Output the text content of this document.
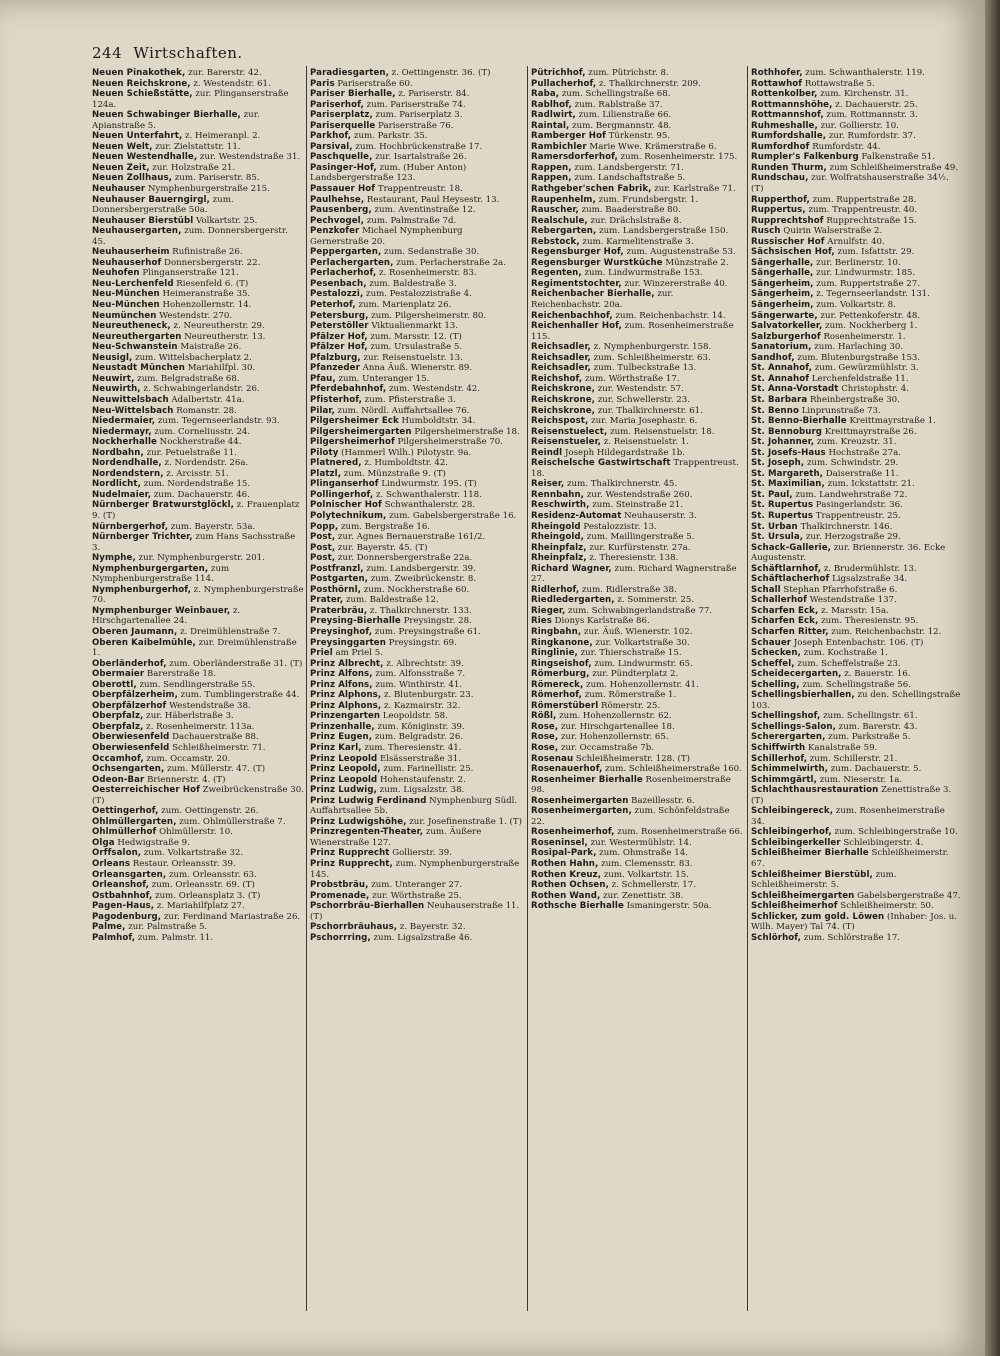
244 Wirtschaften.
Neuen Pinakothek, zur. Barerstr. 42.
Neuen Reichskrone, z. Westendstr. 61.
Neuen Schießstätte, zur. Plinganserstraße 124a.
Neuen Schwabinger Bierhalle, zur. Apianstraße 5.
Neuen Unterfahrt, z. Heimeranpl. 2.
Neuen Welt, zur. Zielstattstr. 11.
Neuen Westendhalle, zur. Westendstraße 31.
Neuen Zeit, zur. Holzstraße 21.
Neuen Zollhaus, zum. Pariserstr. 85.
Neuhauser Nymphenburgerstraße 215.
Neuhauser Bauerngirgl, zum. Donnersbergerstraße 50a.
Neuhauser Bierstübl Volkartstr. 25.
Neuhausergarten, zum. Donnersbergerstr. 45.
Neuhauserheim Rufinistraße 26.
Neuhauserhof Donnersbergerstr. 22.
Neuhofen Plinganserstraße 121.
Neu-Lerchenfeld Riesenfeld 6. (T)
Neu-München Heimeranstraße 35.
Neu-München Hohenzollernstr. 14.
Neumünchen Westendstr. 270.
Neureutheneck, z. Neureutherstr. 29.
Neureuthergarten Neureutherstr. 13.
Neu-Schwanstein Maistraße 26.
Neusigl, zum. Wittelsbacherplatz 2.
Neustadt München Mariahilfpl. 30.
Neuwirt, zum. Belgradstraße 68.
Neuwirth, z. Schwabingerlandstr. 26.
Neuwittelsbach Adalbertstr. 41a.
Neu-Wittelsbach Romanstr. 28.
Niedermaier, zum. Tegernseerlandstr. 93.
Niedermayr, zum. Corneliusstr. 24.
Nockherhalle Nockherstraße 44.
Nordbahn, zur. Petuelstraße 11.
Nordendhalle, z. Nordendstr. 26a.
Nordendstern, z. Arcisstr. 51.
Nordlicht, zum. Nordendstraße 15.
Nudelmaier, zum. Dachauerstr. 46.
Nürnberger Bratwurstglöckl, z. Frauenplatz 9. (T)
Nürnbergerhof, zum. Bayerstr. 53a.
Nürnberger Trichter, zum Hans Sachsstraße 3.
Nymphe, zur. Nymphenburgerstr. 201.
Nymphenburgergarten, zum Nymphenburgerstraße 114.
Nymphenburgerhof, z. Nymphenburgerstraße 70.
Nymphenburger Weinbauer, z. Hirschgartenallee 24.
Oberen Jaumann, z. Dreimühlenstraße 7.
Oberen Kaibelmühle, zur. Dreimühlenstraße 1.
Oberländerhof, zum. Oberländerstraße 31. (T)
Obermaier Barerstraße 18.
Oberottl, zum. Sendlingerstraße 55.
Oberpfälzerheim, zum. Tumblingerstraße 44.
Oberpfälzerhof Westendstraße 38.
Oberpfalz, zur. Häberlstraße 3.
Oberpfalz, z. Rosenheimerstr. 113a.
Oberwiesenfeld Dachauerstraße 88.
Oberwiesenfeld Schleißheimerstr. 71.
Occamhof, zum. Occamstr. 20.
Ochsengarten, zum. Müllerstr. 47. (T)
Odeon-Bar Briennerstr. 4. (T)
Oesterreichischer Hof Zweibrückenstraße 30. (T)
Oettingerhof, zum. Oettingenstr. 26.
Ohlmüllergarten, zum. Ohlmüllerstraße 7.
Ohlmüllerhof Ohlmüllerstr. 10.
Olga Hedwigstraße 9.
Orffsalon, zum. Volkartstraße 32.
Orleans Restaur. Orleansstr. 39.
Orleansgarten, zum. Orleansstr. 63.
Orleanshof, zum. Orleansstr. 69. (T)
Ostbahnhof, zum. Orleansplatz 3. (T)
Pagen-Haus, z. Mariahilfplatz 27.
Pagodenburg, zur. Ferdinand Mariastraße 26.
Palme, zur. Palmstraße 5.
Palmhof, zum. Palmstr. 11.
Paradiesgarten, z. Oettingenstr. 36. (T)
Paris Pariserstraße 60.
Pariser Bierhalle, z. Pariserstr. 84.
Pariserhof, zum. Pariserstraße 74.
Pariserplatz, zum. Pariserplatz 3.
Pariserquelle Pariserstraße 76.
Parkhof, zum. Parkstr. 35.
Parsival, zum. Hochbrückenstraße 17.
Paschquelle, zur. Isartalstraße 26.
Pasinger-Hof, zum. (Huber Anton) Landsbergerstraße 123.
Passauer Hof Trappentreustr. 18.
Paulhehse, Restaurant, Paul Heysestr. 13.
Pausenberg, zum. Aventinstraße 12.
Pechvogel, zum. Palmstraße 7d.
Penzkofer Michael Nymphenburg Gernerstraße 20.
Peppergarten, zum. Sedanstraße 30.
Perlachergarten, zum. Perlacherstraße 2a.
Perlacherhof, z. Rosenheimerstr. 83.
Pesenbach, zum. Baldestraße 3.
Pestalozzi, zum. Pestalozzistraße 4.
Peterhof, zum. Marienplatz 26.
Petersburg, zum. Pilgersheimerstr. 80.
Peterstöller Viktualienmarkt 13.
Pfälzer Hof, zum. Marsstr. 12. (T)
Pfälzer Hof, zum. Ursulastraße 5.
Pfalzburg, zur. Reisenstuelstr. 13.
Pfanzeder Anna Äuß. Wienerstr. 89.
Pfau, zum. Unteranger 15.
Pferdebahnhof, zum. Westendstr. 42.
Pfisterhof, zum. Pfisterstraße 3.
Pilar, zum. Nördl. Auffahrtsallee 76.
Pilgersheimer Eck Humboldtstr. 34.
Pilgersheimergarten Pilgersheimerstraße 18.
Pilgersheimerhof Pilgersheimerstraße 70.
Piloty (Hammerl Wilh.) Pilotystr. 9a.
Platnered, z. Humboldtstr. 42.
Platzl, zum. Münzstraße 9. (T)
Plinganserhof Lindwurmstr. 195. (T)
Pollingerhof, z. Schwanthalerstr. 118.
Polnischer Hof Schwanthalerstr. 28.
Polytechnikum, zum. Gabelsbergerstraße 16.
Popp, zum. Bergstraße 16.
Post, zur. Agnes Bernauerstraße 161/2.
Post, zur. Bayerstr. 45. (T)
Post, zur. Donnersbergerstraße 22a.
Postfranzl, zum. Landsbergerstr. 39.
Postgarten, zum. Zweibrückenstr. 8.
Posthörnl, zum. Nockherstraße 60.
Prater, zum. Baldestraße 12.
Praterbräu, z. Thalkirchnerstr. 133.
Preysing-Bierhalle Preysingstr. 28.
Preysinghof, zum. Preysingstraße 61.
Preysinggarten Preysingstr. 69.
Priel am Priel 5.
Prinz Albrecht, z. Albrechtstr. 39.
Prinz Alfons, zum. Alfonsstraße 7.
Prinz Alfons, zum. Winthirstr. 41.
Prinz Alphons, z. Blutenburgstr. 23.
Prinz Alphons, z. Kazmairstr. 32.
Prinzengarten Leopoldstr. 58.
Prinzenhalle, zum. Königinstr. 39.
Prinz Eugen, zum. Belgradstr. 26.
Prinz Karl, zum. Theresienstr. 41.
Prinz Leopold Elsässerstraße 31.
Prinz Leopold, zum. Farinellistr. 25.
Prinz Leopold Hohenstaufenstr. 2.
Prinz Ludwig, zum. Ligsalzstr. 38.
Prinz Ludwig Ferdinand Nymphenburg Südl. Auffahrtsallee 5b.
Prinz Ludwigshöhe, zur. Josefinenstraße 1. (T)
Prinzregenten-Theater, zum. Äußere Wienerstraße 127.
Prinz Rupprecht Gollierstr. 39.
Prinz Rupprecht, zum. Nymphenburgerstraße 145.
Probstbräu, zum. Unteranger 27.
Promenade, zur. Wörthstraße 25.
Pschorrbräu-Bierhallen Neuhauserstraße 11. (T)
Pschorrbräuhaus, z. Bayerstr. 32.
Pschorrring, zum. Ligsalzstraße 46.
Pütrichhof, zum. Pütrichstr. 8.
Pullacherhof, z. Thalkirchnerstr. 209.
Raba, zum. Schellingstraße 68.
Rablhof, zum. Rablstraße 37.
Radlwirt, zum. Lilienstraße 66.
Raintal, zum. Bergmannstr. 48.
Ramberger Hof Türkenstr. 95.
Rambichler Marie Wwe. Krämerstraße 6.
Ramersdorferhof, zum. Rosenheimerstr. 175.
Rappen, zum. Landsbergerstr. 71.
Rappen, zum. Landschaftstraße 5.
Rathgeber'schen Fabrik, zur. Karlstraße 71.
Raupenhelm, zum. Frundsbergstr. 1.
Rauscher, zum. Baaderstraße 80.
Realschule, zur. Drächslstraße 8.
Rebergarten, zum. Landsbergerstraße 150.
Rebstock, zum. Karmelitenstraße 3.
Regensburger Hof, zum. Augustenstraße 53.
Regensburger Wurstküche Münzstraße 2.
Regenten, zum. Lindwurmstraße 153.
Regimentstochter, zur. Winzererstraße 40.
Reichenbacher Bierhalle, zur. Reichenbachstr. 20a.
Reichenbachhof, zum. Reichenbachstr. 14.
Reichenhaller Hof, zum. Rosenheimerstraße 115.
Reichsadler, z. Nymphenburgerstr. 158.
Reichsadler, zum. Schleißheimerstr. 63.
Reichsadler, zum. Tulbeckstraße 13.
Reichshof, zum. Wörthstraße 17.
Reichskrone, zur. Westendstr. 57.
Reichskrone, zur. Schwellerstr. 23.
Reichskrone, zur. Thalkirchnerstr. 61.
Reichspost, zur. Maria Josephastr. 6.
Reisenstuelect, zum. Reisenstuelstr. 18.
Reisenstueler, z. Reisenstuelstr. 1.
Reindl Joseph Hildegardstraße 1b.
Reischelsche Gastwirtschaft Trappentreust. 18.
Reiser, zum. Thalkirchnerstr. 45.
Rennbahn, zur. Westendstraße 260.
Reschwirth, zum. Steinstraße 21.
Residenz-Automat Neuhauserstr. 3.
Rheingold Pestalozzistr. 13.
Rheingold, zum. Maillingerstraße 5.
Rheinpfalz, zur. Kurfürstenstr. 27a.
Rheinpfalz, z. Theresienstr. 138.
Richard Wagner, zum. Richard Wagnerstraße 27.
Ridlerhof, zum. Ridlerstraße 38.
Riedledergarten, z. Sommerstr. 25.
Rieger, zum. Schwabingerlandstraße 77.
Ries Dionys Karlstraße 86.
Ringbahn, zur. Äuß. Wienerstr. 102.
Ringkanone, zur. Volkartstraße 30.
Ringlinie, zur. Thierschstraße 15.
Ringseishof, zum. Lindwurmstr. 65.
Römerburg, zur. Pündterplatz 2.
Römereck, zum. Hohenzollernstr. 41.
Römerhof, zum. Römerstraße 1.
Römerstüberl Römerstr. 25.
Rößl, zum. Hohenzollernstr. 62.
Rose, zur. Hirschgartenallee 18.
Rose, zur. Hohenzollernstr. 65.
Rose, zur. Occamstraße 7b.
Rosenau Schleißheimerstr. 128. (T)
Rosenauerhof, zum. Schleißheimerstraße 160.
Rosenheimer Bierhalle Rosenheimerstraße 98.
Rosenheimergarten Bazeillesstr. 6.
Rosenheimergarten, zum. Schönfeldstraße 22.
Rosenheimerhof, zum. Rosenheimerstraße 66.
Roseninsel, zur. Westermühlstr. 14.
Rosipal-Park, zum. Ohmstraße 14.
Rothen Hahn, zum. Clemensstr. 83.
Rothen Kreuz, zum. Volkartstr. 15.
Rothen Ochsen, z. Schmellerstr. 17.
Rothen Wand, zur. Zenettistr. 38.
Rothsche Bierhalle Ismaningerstr. 50a.
Rothhofer, zum. Schwanthalerstr. 119.
Rottawhof Rottawstraße 5.
Rottenkolber, zum. Kirchenstr. 31.
Rottmannshöhe, z. Dachauerstr. 25.
Rottmannshof, zum. Rottmannstr. 3.
Ruhmeshalle, zur. Gollierstr. 10.
Rumfordshalle, zur. Rumfordstr. 37.
Rumfordhof Rumfordstr. 44.
Rumpler's Falkenburg Falkenstraße 51.
Runden Thurm, zum Schleißheimerstraße 49.
Rundschau, zur. Wolfratshauserstraße 34½. (T)
Rupperthof, zum. Ruppertstraße 28.
Ruppertus, zum. Trappentreustr. 40.
Rupprechtshof Rupprechtstraße 15.
Rusch Quirin Walserstraße 2.
Russischer Hof Arnulfstr. 40.
Sächsischen Hof, zum. Isfattstr. 29.
Sängerhalle, zur. Berlinerstr. 10.
Sängerhalle, zur. Lindwurmstr. 185.
Sängerheim, zum. Ruppertstraße 27.
Sängerheim, z. Tegernseerlandstr. 131.
Sängerheim, zum. Volkartstr. 8.
Sängerwarte, zur. Pettenkoferstr. 48.
Salvatorkeller, zum. Nockherberg 1.
Salzburgerhof Rosenheimerstr. 1.
Sanatorium, zum. Harlaching 30.
Sandhof, zum. Blutenburgstraße 153.
St. Annahof, zum. Gewürzmühlstr. 3.
St. Annahof Lerchenfeldstraße 11.
St. Anna-Vorstadt Christophstr. 4.
St. Barbara Rheinbergstraße 30.
St. Benno Linprunstraße 73.
St. Benno-Bierhalle Kreittmayrstraße 1.
St. Bennoburg Kreittmayrstraße 26.
St. Johanner, zum. Kreuzstr. 31.
St. Josefs-Haus Hochstraße 27a.
St. Joseph, zum. Schwindstr. 29.
St. Margareth, Daiserstraße 11.
St. Maximilian, zum. Ickstattstr. 21.
St. Paul, zum. Landwehrstraße 72.
St. Rupertus Pasingerlandstr. 36.
St. Rupertus Trappentreustr. 25.
St. Urban Thalkirchnerstr. 146.
St. Ursula, zur. Herzogstraße 29.
Schack-Gallerie, zur. Briennerstr. 36. Ecke Augustenstr.
Schäftlarnhof, z. Brudermühlstr. 13.
Schäftlacherhof Ligsalzstraße 34.
Schall Stephan Pfarrhofstraße 6.
Schallerhof Westendstraße 137.
Scharfen Eck, z. Marsstr. 15a.
Scharfen Eck, zum. Theresienstr. 95.
Scharfen Ritter, zum. Reichenbachstr. 12.
Schauer Joseph Entenbachstr. 106. (T)
Schecken, zum. Kochstraße 1.
Scheffel, zum. Scheffelstraße 23.
Scheidecergarten, z. Bauerstr. 16.
Schelling, zum. Schellingstraße 56.
Schellingsbierhallen, zu den. Schellingstraße 103.
Schellingshof, zum. Schellingstr. 61.
Schellings-Salon, zum. Barerstr. 43.
Scherergarten, zum. Parkstraße 5.
Schiffwirth Kanalstraße 59.
Schillerhof, zum. Schillerstr. 21.
Schimmelwirth, zum. Dachauerstr. 5.
Schimmgärtl, zum. Nieserstr. 1a.
Schlachthausrestauration Zenettistraße 3. (T)
Schleibingereck, zum. Rosenheimerstraße 34.
Schleibingerhof, zum. Schleibingerstraße 10.
Schleibingerkeller Schleibingerstr. 4.
Schleißheimer Bierhalle Schleißheimerstr. 67.
Schleißheimer Bierstübl, zum. Schleißheimerstr. 5.
Schleißheimergarten Gabelsbergerstraße 47.
Schleißheimerhof Schleißheimerstr. 50.
Schlicker, zum gold. Löwen (Inhaber: Jos. u. Wilh. Mayer) Tal 74. (T)
Schlörhof, zum. Schlörstraße 17.
